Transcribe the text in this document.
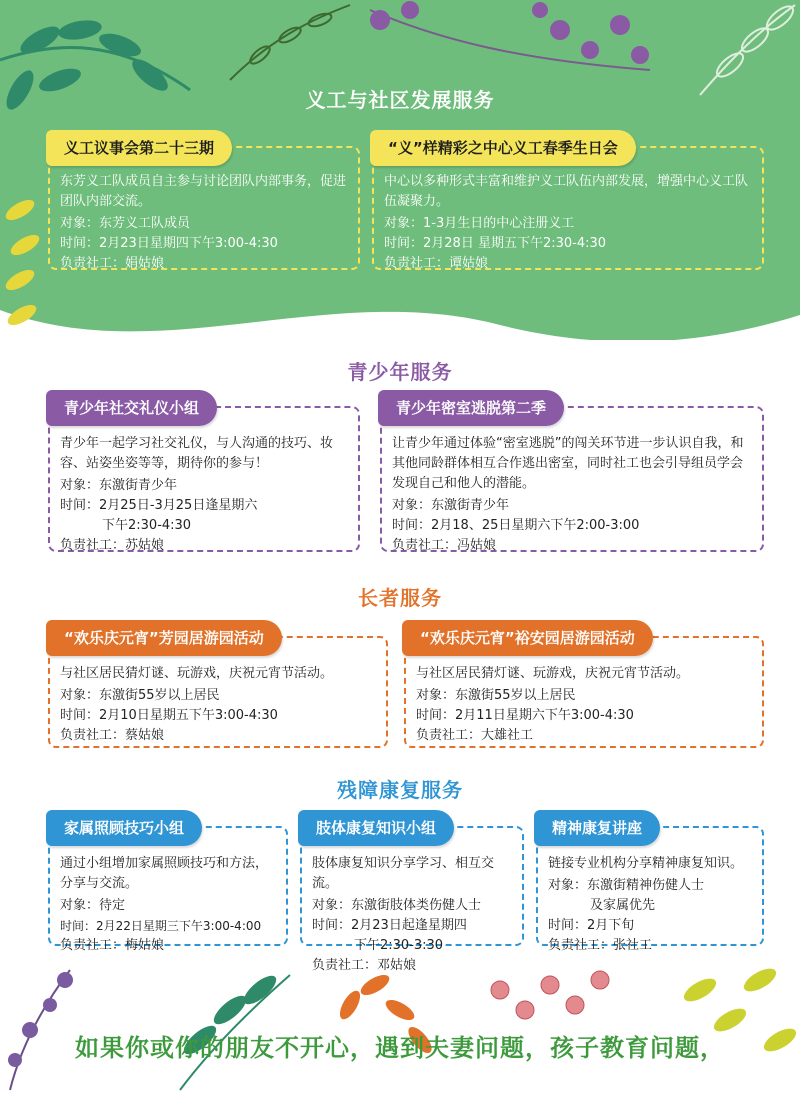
义工与社区发展服务
义工议事会第二十三期
东芳义工队成员自主参与讨论团队内部事务，促进团队内部交流。
对象：东芳义工队成员
时间：2月23日星期四下午3:00-4:30
负责社工：娟姑娘
“义”样精彩之中心义工春季生日会
中心以多种形式丰富和维护义工队伍内部发展，增强中心义工队伍凝聚力。
对象：1-3月生日的中心注册义工
时间：2月28日 星期五下午2:30-4:30
负责社工：谭姑娘
青少年服务
青少年社交礼仪小组
青少年一起学习社交礼仪，与人沟通的技巧、妆容、站姿坐姿等等，期待你的参与！
对象：东激街青少年
时间：2月25日-3月25日逢星期六
下午2:30-4:30
负责社工：苏姑娘
青少年密室逃脱第二季
让青少年通过体验“密室逃脱”的闯关环节进一步认识自我，和其他同龄群体相互合作逃出密室，同时社工也会引导组员学会发现自己和他人的潜能。
对象：东激街青少年
时间：2月18、25日星期六下午2:00-3:00
负责社工：冯姑娘
长者服务
“欢乐庆元宵”芳园居游园活动
与社区居民猜灯谜、玩游戏，庆祝元宵节活动。
对象：东激街55岁以上居民
时间：2月10日星期五下午3:00-4:30
负责社工：蔡姑娘
“欢乐庆元宵”裕安园居游园活动
与社区居民猜灯谜、玩游戏，庆祝元宵节活动。
对象：东激街55岁以上居民
时间：2月11日星期六下午3:00-4:30
负责社工：大雄社工
残障康复服务
家属照顾技巧小组
通过小组增加家属照顾技巧和方法，分享与交流。
对象：待定
时间：2月22日星期三下午3:00-4:00
负责社工：梅姑娘
肢体康复知识小组
肢体康复知识分享学习、相互交流。
对象：东激街肢体类伤健人士
时间：2月23日起逢星期四
下午2:30-3:30
负责社工：邓姑娘
精神康复讲座
链接专业机构分享精神康复知识。
对象：东激街精神伤健人士
及家属优先
时间：2月下旬
负责社工：张社工
如果你或你的朋友不开心，遇到夫妻问题，孩子教育问题，
